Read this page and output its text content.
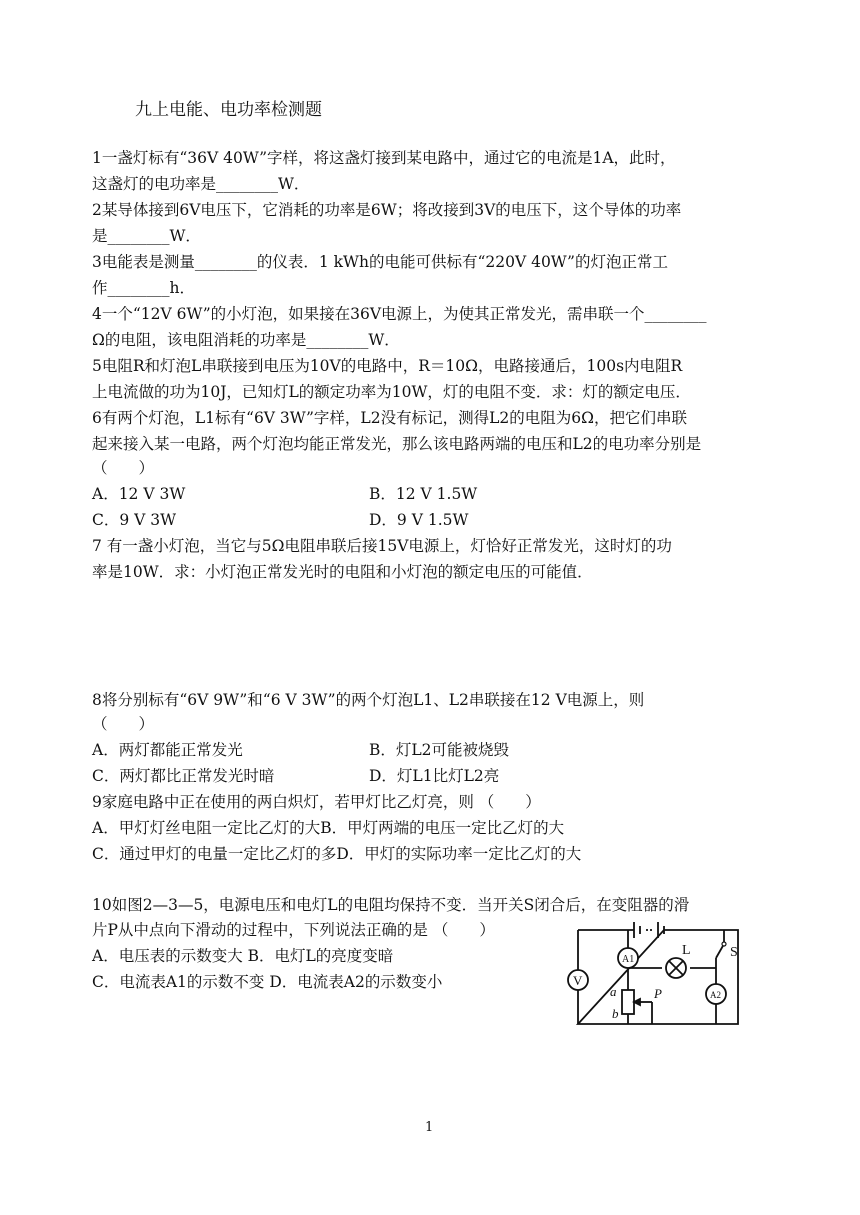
九上电能、电功率检测题
1一盏灯标有“36V 40W”字样，将这盏灯接到某电路中，通过它的电流是1A，此时，
这盏灯的电功率是________W．
2某导体接到6V电压下，它消耗的功率是6W；将改接到3V的电压下，这个导体的功率
是________W．
3电能表是测量________的仪表．1 kWh的电能可供标有“220V 40W”的灯泡正常工
作________h．
4一个“12V 6W”的小灯泡，如果接在36V电源上，为使其正常发光，需串联一个________
Ω的电阻，该电阻消耗的功率是________W．
5电阻R和灯泡L串联接到电压为10V的电路中，R＝10Ω，电路接通后，100s内电阻R
上电流做的功为10J，已知灯L的额定功率为10W，灯的电阻不变．求：灯的额定电压．
6有两个灯泡，L1标有“6V 3W”字样，L2没有标记，测得L2的电阻为6Ω，把它们串联
起来接入某一电路，两个灯泡均能正常发光，那么该电路两端的电压和L2的电功率分别是
（　　）
A．12 V 3W	B．12 V 1.5W
C．9 V 3W	D．9 V 1.5W
7 有一盏小灯泡，当它与5Ω电阻串联后接15V电源上，灯恰好正常发光，这时灯的功
率是10W．求：小灯泡正常发光时的电阻和小灯泡的额定电压的可能值．
8将分别标有“6V 9W”和“6 V 3W”的两个灯泡L1、L2串联接在12 V电源上，则
（　　）
A．两灯都能正常发光	B．灯L2可能被烧毁
C．两灯都比正常发光时暗	D．灯L1比灯L2亮
9家庭电路中正在使用的两白炽灯，若甲灯比乙灯亮，则 （　　）
A．甲灯灯丝电阻一定比乙灯的大B．甲灯两端的电压一定比乙灯的大
C．通过甲灯的电量一定比乙灯的多D．甲灯的实际功率一定比乙灯的大
10如图2—3—5，电源电压和电灯L的电阻均保持不变．当开关S闭合后，在变阻器的滑
片P从中点向下滑动的过程中，下列说法正确的是 （　　）
A．电压表的示数变大 B．电灯L的亮度变暗
C．电流表A1的示数不变 D．电流表A2的示数变小	V
A1
A2
L	S
a
b
P
1
